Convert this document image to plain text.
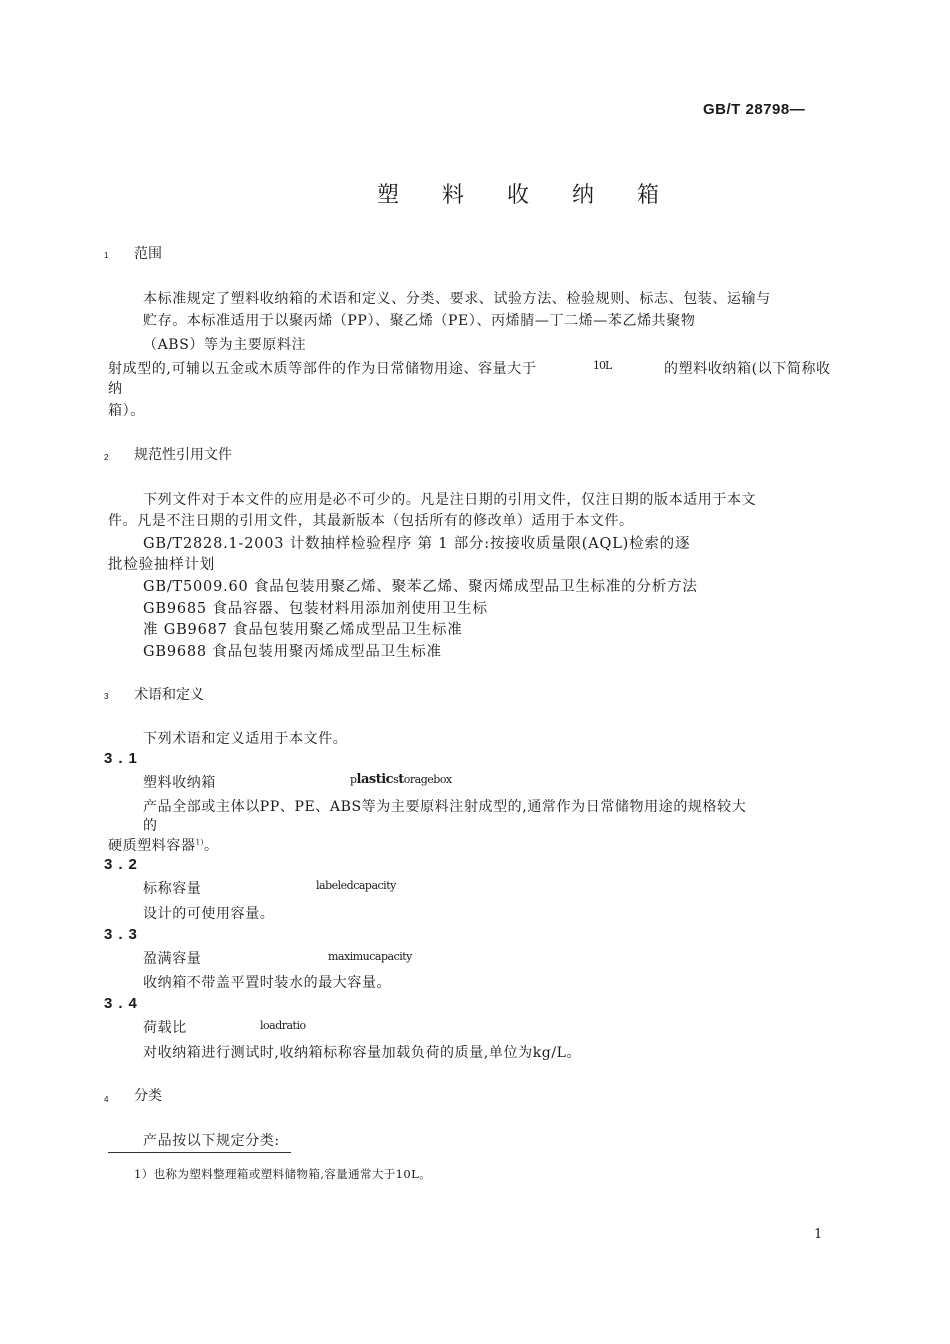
GB/T 28798—
塑 料 收 纳 箱
1 范围
本标准规定了塑料收纳箱的术语和定义、分类、要求、试验方法、检验规则、标志、包装、运输与
贮存。本标准适用于以聚丙烯（PP）、聚乙烯（PE）、丙烯腈—丁二烯—苯乙烯共聚物
（ABS）等为主要原料注
射成型的,可辅以五金或木质等部件的作为日常储物用途、容量大于	10L	的塑料收纳箱(以下简称收
纳
箱）。
2 规范性引用文件
下列文件对于本文件的应用是必不可少的。凡是注日期的引用文件，仅注日期的版本适用于本文
件。凡是不注日期的引用文件，其最新版本（包括所有的修改单）适用于本文件。
GB/T2828.1-2003 计数抽样检验程序 第 1 部分:按接收质量限(AQL)检索的逐
批检验抽样计划
GB/T5009.60 食品包装用聚乙烯、聚苯乙烯、聚丙烯成型品卫生标准的分析方法
GB9685 食品容器、包装材料用添加剂使用卫生标
准 GB9687 食品包装用聚乙烯成型品卫生标准
GB9688 食品包装用聚丙烯成型品卫生标准
3 术语和定义
下列术语和定义适用于本文件。
3.1
塑料收纳箱	plasticstoragebox
产品全部或主体以PP、PE、ABS等为主要原料注射成型的,通常作为日常储物用途的规格较大
的
硬质塑料容器$^{1)}$。
3.2
标称容量	labeledcapacity
设计的可使用容量。
3.3
盈满容量	maximucapacity
收纳箱不带盖平置时装水的最大容量。
3.4
荷载比	loadratio
对收纳箱进行测试时,收纳箱标称容量加载负荷的质量,单位为kg/L。
4 分类
产品按以下规定分类:
1）也称为塑料整理箱或塑料储物箱,容量通常大于10L。
1
